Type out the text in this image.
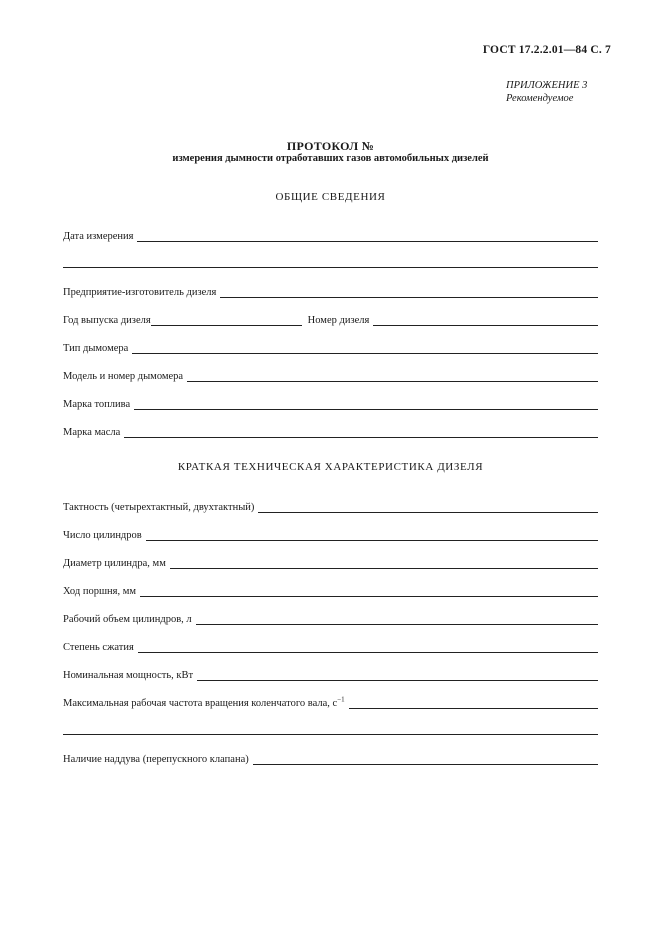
ГОСТ 17.2.2.01—84 С. 7
ПРИЛОЖЕНИЕ 3
Рекомендуемое
ПРОТОКОЛ №
измерения дымности отработавших газов автомобильных дизелей
ОБЩИЕ СВЕДЕНИЯ
Дата измерения
Предприятие-изготовитель дизеля
Год выпуска дизеля	Номер дизеля
Тип дымомера
Модель и номер дымомера
Марка топлива
Марка масла
КРАТКАЯ ТЕХНИЧЕСКАЯ ХАРАКТЕРИСТИКА ДИЗЕЛЯ
Тактность (четырехтактный, двухтактный)
Число цилиндров
Диаметр цилиндра, мм
Ход поршня, мм
Рабочий объем цилиндров, л
Степень сжатия
Номинальная мощность, кВт
Максимальная рабочая частота вращения коленчатого вала, $с^{-1}$
Наличие наддува (перепускного клапана)
